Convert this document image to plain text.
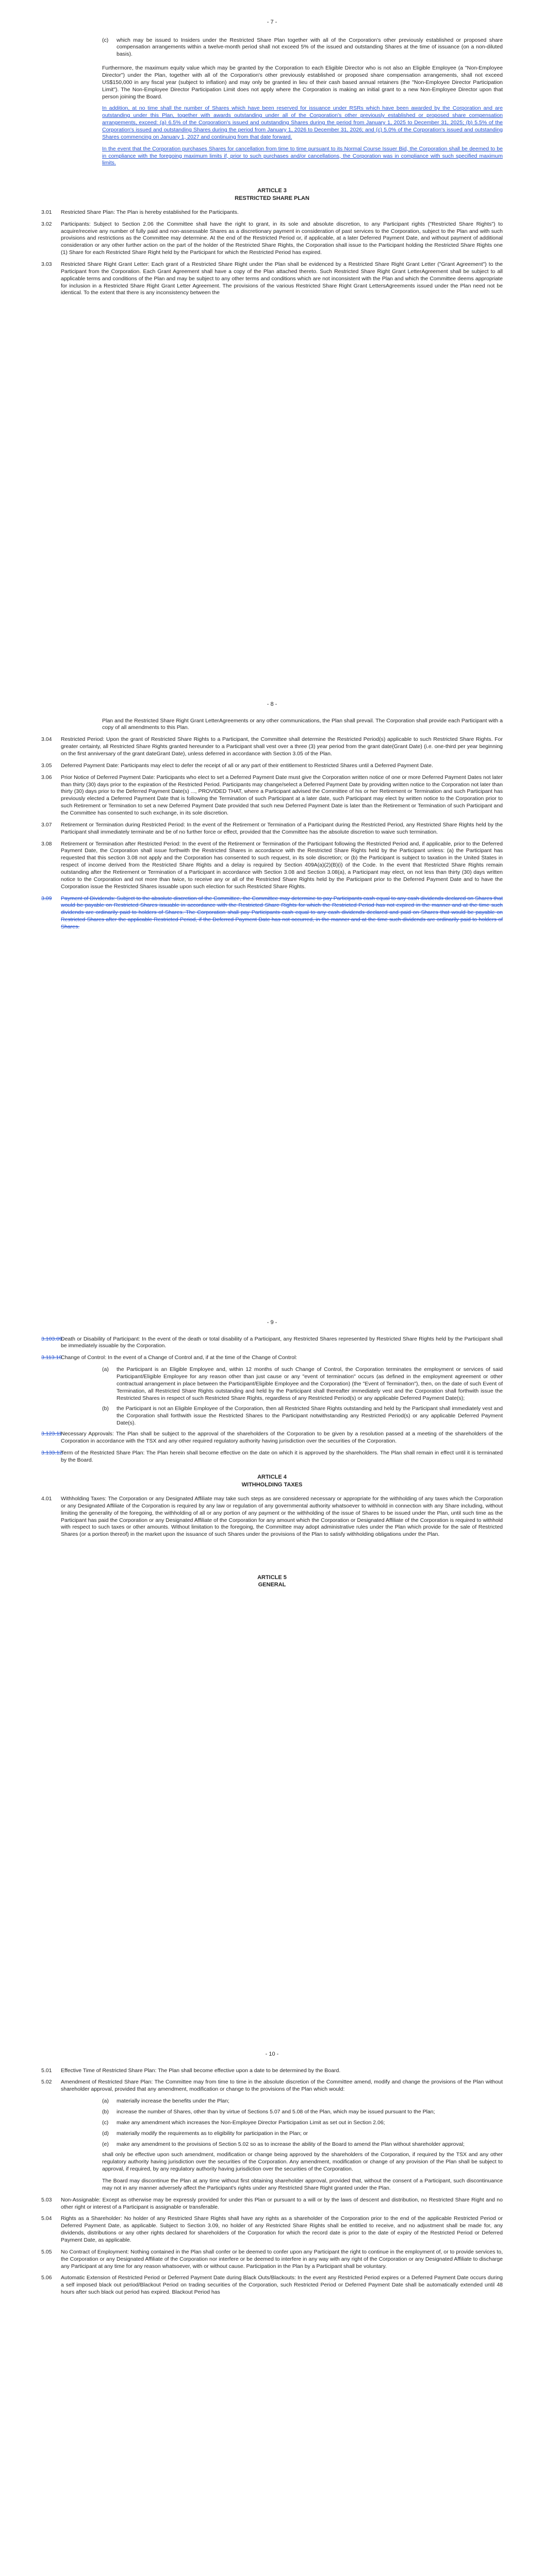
- 7 -

(c)	which may be issued to Insiders under the Restricted Share Plan together with all of the Corporation's other previously established or proposed share compensation arrangements within a twelve-month period shall not exceed 5% of the issued and outstanding Shares at the time of issuance (on a non-diluted basis).

Furthermore, the maximum equity value which may be granted by the Corporation to each Eligible Director who is not also an Eligible Employee (a "Non-Employee Director") under the Plan, together with all of the Corporation's other previously established or proposed share compensation arrangements, shall not exceed US$150,000 in any fiscal year (subject to inflation) and may only be granted in lieu of their cash based annual retainers (the "Non-Employee Director Participation Limit"). The Non-Employee Director Participation Limit does not apply where the Corporation is making an initial grant to a new Non-Employee Director upon that person joining the Board.

In addition, at no time shall the number of Shares which have been reserved for issuance under RSRs which have been awarded by the Corporation and are outstanding under this Plan, together with awards outstanding under all of the Corporation's other previously established or proposed share compensation arrangements, exceed: (a) 6.5% of the Corporation's issued and outstanding Shares during the period from January 1, 2025 to December 31, 2025; (b) 5.5% of the Corporation's issued and outstanding Shares during the period from January 1, 2026 to December 31, 2026; and (c) 5.0% of the Corporation's issued and outstanding Shares commencing on January 1, 2027 and continuing from that date forward.

In the event that the Corporation purchases Shares for cancellation from time to time pursuant to its Normal Course Issuer Bid, the Corporation shall be deemed to be in compliance with the foregoing maximum limits if, prior to such purchases and/or cancellations, the Corporation was in compliance with such specified maximum limits.

ARTICLE 3

RESTRICTED SHARE PLAN

3.01	Restricted Share Plan: The Plan is hereby established for the Participants.
3.02	Participants: Subject to Section 2.06 the Committee shall have the right to grant, in its sole and absolute discretion, to any Participant rights ("Restricted Share Rights") to acquire/receive any number of fully paid and non-assessable Shares as a discretionary payment in consideration of past services to the Corporation, subject to the Plan and with such provisions and restrictions as the Committee may determine. At the end of the Restricted Period or, if applicable, at a later Deferred Payment Date, and without payment of additional consideration or any other further action on the part of the holder of the Restricted Share Rights, the Corporation shall issue to the Participant holding the Restricted Share Rights one (1) Share for each Restricted Share Right held by the Participant for which the Restricted Period has expired.
3.03	Restricted Share Right Grant Letter: Each grant of a Restricted Share Right under the Plan shall be evidenced by a Restricted Share Right Grant Letter ("Grant Agreement") to the Participant from the Corporation. Each Grant Agreement shall have a copy of the Plan attached thereto. Such Restricted Share Right Grant LetterAgreement shall be subject to all applicable terms and conditions of the Plan and may be subject to any other terms and conditions which are not inconsistent with the Plan and which the Committee deems appropriate for inclusion in a Restricted Share Right Grant Letter Agreement. The provisions of the various Restricted Share Right Grant LettersAgreements issued under the Plan need not be identical. To the extent that there is any inconsistency between the

- 8 -

Plan and the Restricted Share Right Grant LetterAgreements or any other communications, the Plan shall prevail. The Corporation shall provide each Participant with a copy of all amendments to this Plan.

3.04	Restricted Period: Upon the grant of Restricted Share Rights to a Participant, the Committee shall determine the Restricted Period(s) applicable to such Restricted Share Rights. For greater certainty, all Restricted Share Rights granted hereunder to a Participant shall vest over a three (3) year period from the grant date(Grant Date) (i.e. one-third per year beginning on the first anniversary of the grant dateGrant Date), unless deferred in accordance with Section 3.05 of the Plan.
3.05	Deferred Payment Date: Participants may elect to defer the receipt of all or any part of their entitlement to Restricted Shares until a Deferred Payment Date.
3.06	Prior Notice of Deferred Payment Date: Participants who elect to set a Deferred Payment Date must give the Corporation written notice of one or more Deferred Payment Dates not later than thirty (30) days prior to the expiration of the Restricted Period. Participants may change/select a Deferred Payment Date by providing written notice to the Corporation not later than thirty (30) days prior to the Deferred Payment Date(s) ..., PROVIDED THAT, where a Participant advised the Committee of his or her Retirement or Termination and such Participant has previously elected a Deferred Payment Date that is following the Termination of such Participant at a later date, such Participant may elect by written notice to the Corporation prior to such Retirement or Termination to set a new Deferred Payment Date provided that such new Deferred Payment Date is later than the Retirement or Termination of such Participant and the Committee has consented to such exchange, in its sole discretion.
3.07	Retirement or Termination during Restricted Period: In the event of the Retirement or Termination of a Participant during the Restricted Period, any Restricted Share Rights held by the Participant shall immediately terminate and be of no further force or effect, provided that the Committee has the absolute discretion to waive such termination.
3.08	Retirement or Termination after Restricted Period: In the event of the Retirement or Termination of the Participant following the Restricted Period and, if applicable, prior to the Deferred Payment Date, the Corporation shall issue forthwith the Restricted Shares in accordance with the Restricted Share Rights held by the Participant unless: (a) the Participant has requested that this section 3.08 not apply and the Corporation has consented to such request, in its sole discretion; or (b) the Participant is subject to taxation in the United States in respect of income derived from the Restricted Share Rights and a delay is required by Section 409A(a)(2)(B)(i) of the Code. In the event that Restricted Share Rights remain outstanding after the Retirement or Termination of a Participant in accordance with Section 3.08 and Section 3.08(a), a Participant may elect, on not less than thirty (30) days written notice to the Corporation and not more than twice, to receive any or all of the Restricted Share Rights held by the Participant prior to the Deferred Payment Date and to have the Corporation issue the Restricted Shares issuable upon such election for such Restricted Share Rights.
3.09	Payment of Dividends: Subject to the absolute discretion of the Committee, the Committee may determine to pay Participants cash equal to any cash dividends declared on Shares that would be payable on Restricted Shares issuable in accordance with the Restricted Share Rights for which the Restricted Period has not expired in the manner and at the time such dividends are ordinarily paid to holders of Shares. The Corporation shall pay Participants cash equal to any cash dividends declared and paid on Shares that would be payable on Restricted Shares after the applicable Restricted Period, if the Deferred Payment Date has not occurred, in the manner and at the time such dividends are ordinarily paid to holders of Shares.

- 9 -

3.103.09
Death or Disability of Participant: In the event of the death or total disability of a Participant, any Restricted Shares represented by Restricted Share Rights held by the Participant shall be immediately issuable by the Corporation.
3.113.10
Change of Control: In the event of a Change of Control and, if at the time of the Change of Control:
(a)	the Participant is an Eligible Employee and, within 12 months of such Change of Control, the Corporation terminates the employment or services of said Participant/Eligible Employee for any reason other than just cause or any "event of termination" occurs (as defined in the employment agreement or other contractual arrangement in place between the Participant/Eligible Employee and the Corporation) (the "Event of Termination"), then, on the date of such Event of Termination, all Restricted Share Rights outstanding and held by the Participant shall thereafter immediately vest and the Corporation shall forthwith issue the Restricted Shares in respect of such Restricted Share Rights, regardless of any Restricted Period(s) or any applicable Deferred Payment Date(s);
(b)	the Participant is not an Eligible Employee of the Corporation, then all Restricted Share Rights outstanding and held by the Participant shall immediately vest and the Corporation shall forthwith issue the Restricted Shares to the Participant notwithstanding any Restricted Period(s) or any applicable Deferred Payment Date(s).
3.123.11
Necessary Approvals: The Plan shall be subject to the approval of the shareholders of the Corporation to be given by a resolution passed at a meeting of the shareholders of the Corporation in accordance with the TSX and any other required regulatory authority having jurisdiction over the securities of the Corporation.
3.133.12
Term of the Restricted Share Plan: The Plan herein shall become effective on the date on which it is approved by the shareholders. The Plan shall remain in effect until it is terminated by the Board.

ARTICLE 4

WITHHOLDING TAXES

4.01	Withholding Taxes: The Corporation or any Designated Affiliate may take such steps as are considered necessary or appropriate for the withholding of any taxes which the Corporation or any Designated Affiliate of the Corporation is required by any law or regulation of any governmental authority whatsoever to withhold in connection with any Share including, without limiting the generality of the foregoing, the withholding of all or any portion of any payment or the withholding of the issue of Shares to be issued under the Plan, until such time as the Participant has paid the Corporation or any Designated Affiliate of the Corporation for any amount which the Corporation or Designated Affiliate of the Corporation is required to withhold with respect to such taxes or other amounts. Without limitation to the foregoing, the Committee may adopt administrative rules under the Plan which provide for the sale of Restricted Shares (or a portion thereof) in the market upon the issuance of such Shares under the provisions of the Plan to satisfy withholding obligations under the Plan.

ARTICLE 5

GENERAL

- 10 -

5.01	Effective Time of Restricted Share Plan: The Plan shall become effective upon a date to be determined by the Board.
5.02	Amendment of Restricted Share Plan: The Committee may from time to time in the absolute discretion of the Committee amend, modify and change the provisions of the Plan without shareholder approval, provided that any amendment, modification or change to the provisions of the Plan which would:
(a)	materially increase the benefits under the Plan;
(b)	increase the number of Shares, other than by virtue of Sections 5.07 and 5.08 of the Plan, which may be issued pursuant to the Plan;
(c)	make any amendment which increases the Non-Employee Director Participation Limit as set out in Section 2.06;
(d)	materially modify the requirements as to eligibility for participation in the Plan; or
(e)	make any amendment to the provisions of Section 5.02 so as to increase the ability of the Board to amend the Plan without shareholder approval;

shall only be effective upon such amendment, modification or change being approved by the shareholders of the Corporation, if required by the TSX and any other regulatory authority having jurisdiction over the securities of the Corporation. Any amendment, modification or change of any provision of the Plan shall be subject to approval, if required, by any regulatory authority having jurisdiction over the securities of the Corporation.

The Board may discontinue the Plan at any time without first obtaining shareholder approval, provided that, without the consent of a Participant, such discontinuance may not in any manner adversely affect the Participant's rights under any Restricted Share Right granted under the Plan.

5.03	Non-Assignable: Except as otherwise may be expressly provided for under this Plan or pursuant to a will or by the laws of descent and distribution, no Restricted Share Right and no other right or interest of a Participant is assignable or transferable.
5.04	Rights as a Shareholder: No holder of any Restricted Share Rights shall have any rights as a shareholder of the Corporation prior to the end of the applicable Restricted Period or Deferred Payment Date, as applicable. Subject to Section 3.09, no holder of any Restricted Share Rights shall be entitled to receive, and no adjustment shall be made for, any dividends, distributions or any other rights declared for shareholders of the Corporation for which the record date is prior to the date of expiry of the Restricted Period or Deferred Payment Date, as applicable.
5.05	No Contract of Employment: Nothing contained in the Plan shall confer or be deemed to confer upon any Participant the right to continue in the employment of, or to provide services to, the Corporation or any Designated Affiliate of the Corporation nor interfere or be deemed to interfere in any way with any right of the Corporation or any Designated Affiliate to discharge any Participant at any time for any reason whatsoever, with or without cause. Participation in the Plan by a Participant shall be voluntary.
5.06	Automatic Extension of Restricted Period or Deferred Payment Date during Black Outs/Blackouts: In the event any Restricted Period expires or a Deferred Payment Date occurs during a self imposed black out period/Blackout Period on trading securities of the Corporation, such Restricted Period or Deferred Payment Date shall be automatically extended until 48 hours after such black out period has expired. Blackout Period has
